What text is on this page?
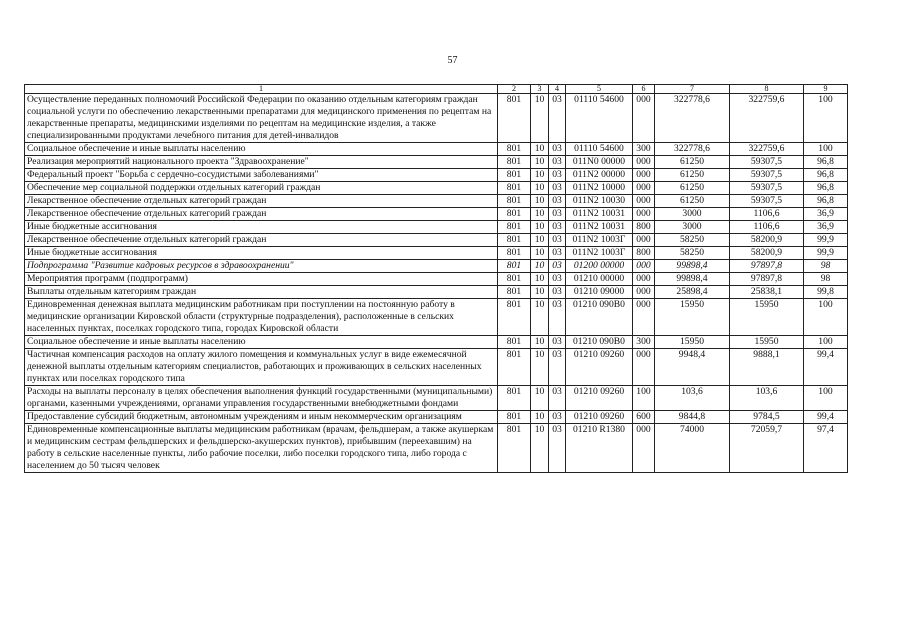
57
1	2	3	4	5	6	7	8	9
Осуществление переданных полномочий Российской Федерации по оказанию отдельным категориям граждан социальной услуги по обеспечению лекарственными препаратами для медицинского применения по рецептам на лекарственные препараты, медицинскими изделиями по рецептам на медицинские изделия, а также специализированными продуктами лечебного питания для детей-инвалидов	801	10	03	01110 54600	000	322778,6	322759,6	100
Социальное обеспечение и иные выплаты населению	801	10	03	01110 54600	300	322778,6	322759,6	100
Реализация мероприятий национального проекта "Здравоохранение"	801	10	03	011N0 00000	000	61250	59307,5	96,8
Федеральный проект "Борьба с сердечно-сосудистыми заболеваниями"	801	10	03	011N2 00000	000	61250	59307,5	96,8
Обеспечение мер социальной поддержки отдельных категорий граждан	801	10	03	011N2 10000	000	61250	59307,5	96,8
Лекарственное обеспечение отдельных категорий граждан	801	10	03	011N2 10030	000	61250	59307,5	96,8
Лекарственное обеспечение отдельных категорий граждан	801	10	03	011N2 10031	000	3000	1106,6	36,9
Иные бюджетные ассигнования	801	10	03	011N2 10031	800	3000	1106,6	36,9
Лекарственное обеспечение отдельных категорий граждан	801	10	03	011N2 1003Г	000	58250	58200,9	99,9
Иные бюджетные ассигнования	801	10	03	011N2 1003Г	800	58250	58200,9	99,9
Подпрограмма "Развитие кадровых ресурсов в здравоохранении"	801	10	03	01200 00000	000	99898,4	97897,8	98
Мероприятия программ (подпрограмм)	801	10	03	01210 00000	000	99898,4	97897,8	98
Выплаты отдельным категориям граждан	801	10	03	01210 09000	000	25898,4	25838,1	99,8
Единовременная денежная выплата медицинским работникам при поступлении на постоянную работу в медицинские организации Кировской области (структурные подразделения), расположенные в сельских населенных пунктах, поселках городского типа, городах Кировской области	801	10	03	01210 090В0	000	15950	15950	100
Социальное обеспечение и иные выплаты населению	801	10	03	01210 090В0	300	15950	15950	100
Частичная компенсация расходов на оплату жилого помещения и коммунальных услуг в виде ежемесячной денежной выплаты отдельным категориям специалистов, работающих и проживающих в сельских населенных пунктах или поселках городского типа	801	10	03	01210 09260	000	9948,4	9888,1	99,4
Расходы на выплаты персоналу в целях обеспечения выполнения функций государственными (муниципальными) органами, казенными учреждениями, органами управления государственными внебюджетными фондами	801	10	03	01210 09260	100	103,6	103,6	100
Предоставление субсидий бюджетным, автономным учреждениям и иным некоммерческим организациям	801	10	03	01210 09260	600	9844,8	9784,5	99,4
Единовременные компенсационные выплаты медицинским работникам (врачам, фельдшерам, а также акушеркам и медицинским сестрам фельдшерских и фельдшерско-акушерских пунктов), прибывшим (переехавшим) на работу в сельские населенные пункты, либо рабочие поселки, либо поселки городского типа, либо города с населением до 50 тысяч человек	801	10	03	01210 R1380	000	74000	72059,7	97,4
